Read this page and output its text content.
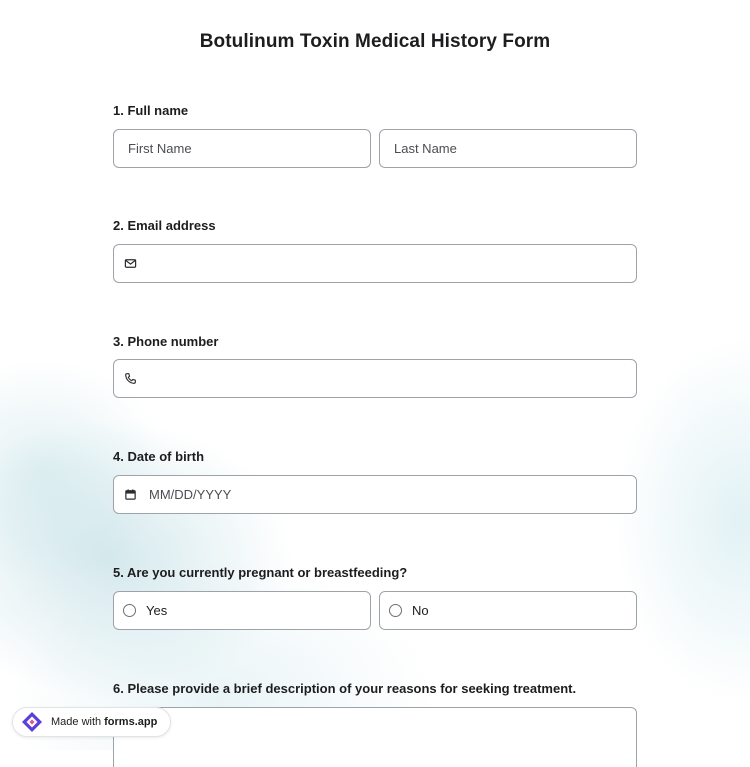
Botulinum Toxin Medical History Form
1. Full name
First Name	Last Name
2. Email address
3. Phone number
4. Date of birth
MM/DD/YYYY
5. Are you currently pregnant or breastfeeding?
Yes	No
6. Please provide a brief description of your reasons for seeking treatment.
Made with forms.app
